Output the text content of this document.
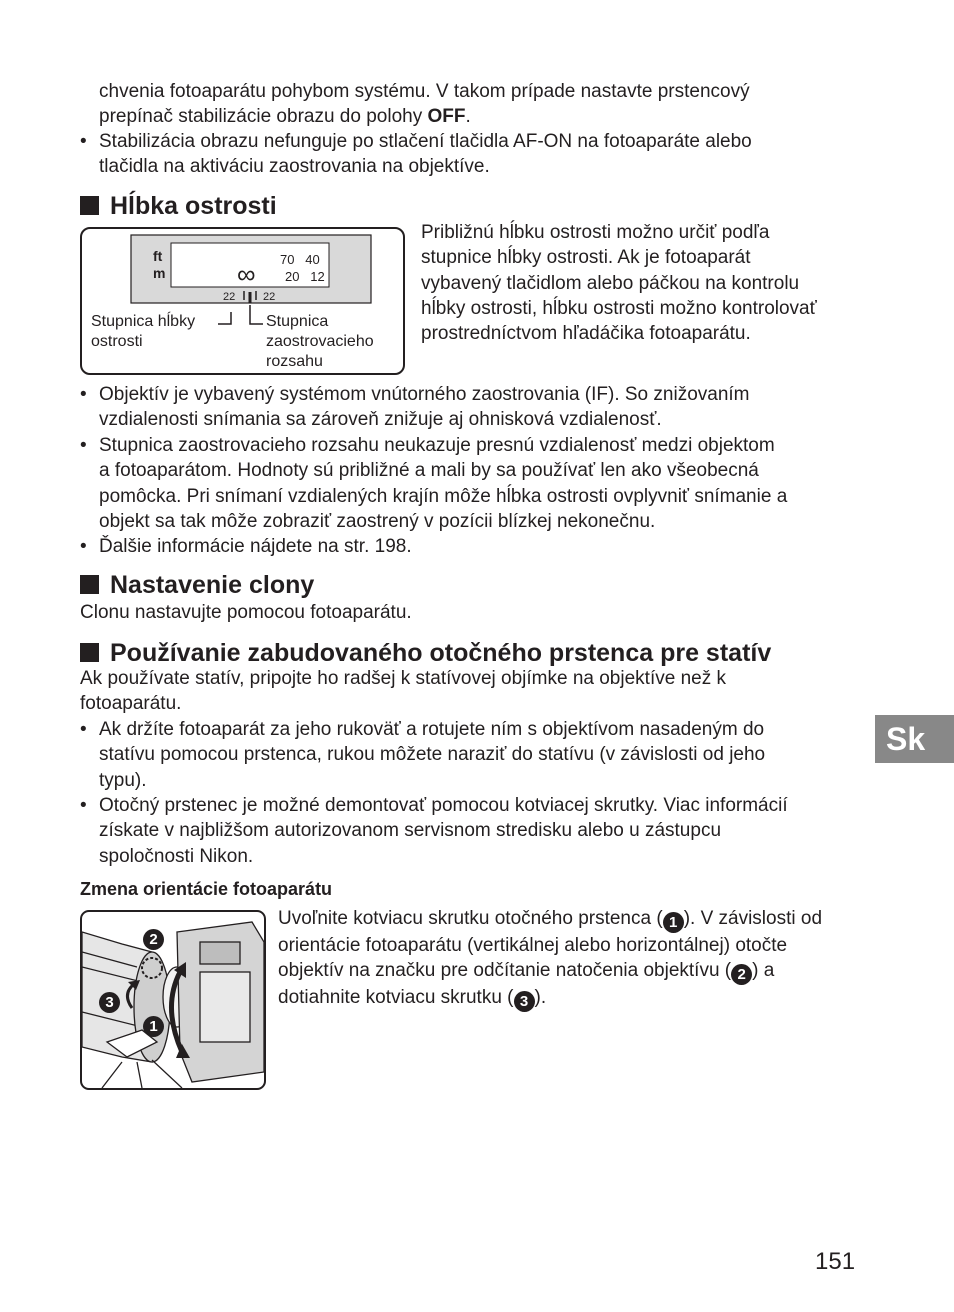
chvenia fotoaparátu pohybom systému. V takom prípade nastavte prstencový
prepínač stabilizácie obrazu do polohy OFF.
• Stabilizácia obrazu nefunguje po stlačení tlačidla AF-ON na fotoaparáte alebo
tlačidla na aktiváciu zaostrovania na objektíve.
Hĺbka ostrosti
ft
m
70   40
20   12
∞
22	22
Stupnica hĺbky
ostrosti
Stupnica
zaostrovacieho
rozsahu
Približnú hĺbku ostrosti možno určiť podľa
stupnice hĺbky ostrosti. Ak je fotoaparát
vybavený tlačidlom alebo páčkou na kontrolu
hĺbky ostrosti, hĺbku ostrosti možno kontrolovať
prostredníctvom hľadáčika fotoaparátu.
• Objektív je vybavený systémom vnútorného zaostrovania (IF). So znižovaním
vzdialenosti snímania sa zároveň znižuje aj ohnisková vzdialenosť.
• Stupnica zaostrovacieho rozsahu neukazuje presnú vzdialenosť medzi objektom
a fotoaparátom. Hodnoty sú približné a mali by sa používať len ako všeobecná
pomôcka. Pri snímaní vzdialených krajín môže hĺbka ostrosti ovplyvniť snímanie a
objekt sa tak môže zobraziť zaostrený v pozícii blízkej nekonečnu.
• Ďalšie informácie nájdete na str. 198.
Nastavenie clony
Clonu nastavujte pomocou fotoaparátu.
Používanie zabudovaného otočného prstenca pre statív
Ak používate statív, pripojte ho radšej k statívovej objímke na objektíve než k
fotoaparátu.
• Ak držíte fotoaparát za jeho rukoväť a rotujete ním s objektívom nasadeným do
statívu pomocou prstenca, rukou môžete naraziť do statívu (v závislosti od jeho
typu).
• Otočný prstenec je možné demontovať pomocou kotviacej skrutky. Viac informácií
získate v najbližšom autorizovanom servisnom stredisku alebo u zástupcu
spoločnosti Nikon.
Zmena orientácie fotoaparátu
2
3
1
Uvoľnite kotviacu skrutku otočného prstenca ( 1 ). V závislosti od
orientácie fotoaparátu (vertikálnej alebo horizontálnej) otočte
objektív na značku pre odčítanie natočenia objektívu ( 2 ) a
dotiahnite kotviacu skrutku ( 3 ).
Sk
151
